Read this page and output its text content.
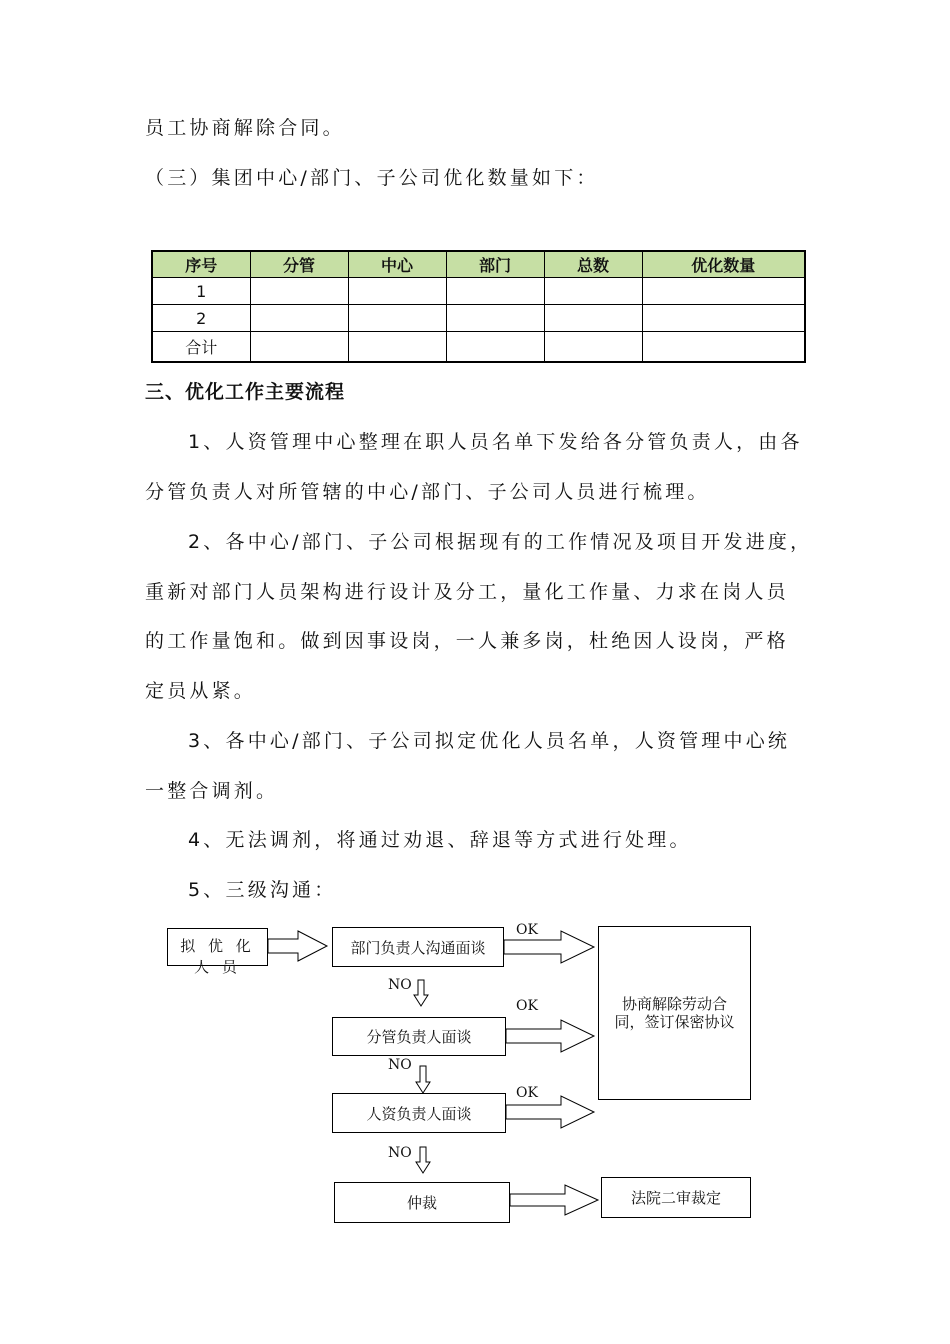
员工协商解除合同。
（三）集团中心/部门、子公司优化数量如下：
序号	分管	中心	部门	总数	优化数量
1					
2					
合计					
三、优化工作主要流程
1、人资管理中心整理在职人员名单下发给各分管负责人，由各
分管负责人对所管辖的中心/部门、子公司人员进行梳理。
2、各中心/部门、子公司根据现有的工作情况及项目开发进度，
重新对部门人员架构进行设计及分工，量化工作量、力求在岗人员
的工作量饱和。做到因事设岗，一人兼多岗，杜绝因人设岗，严格
定员从紧。
3、各中心/部门、子公司拟定优化人员名单，人资管理中心统
一整合调剂。
4、无法调剂，将通过劝退、辞退等方式进行处理。
5、三级沟通：
拟 优 化 人 员
部门负责人沟通面谈
分管负责人面谈
人资负责人面谈
仲裁
协商解除劳动合同，签订保密协议
法院二审裁定
OK
OK
OK
NO
NO
NO
